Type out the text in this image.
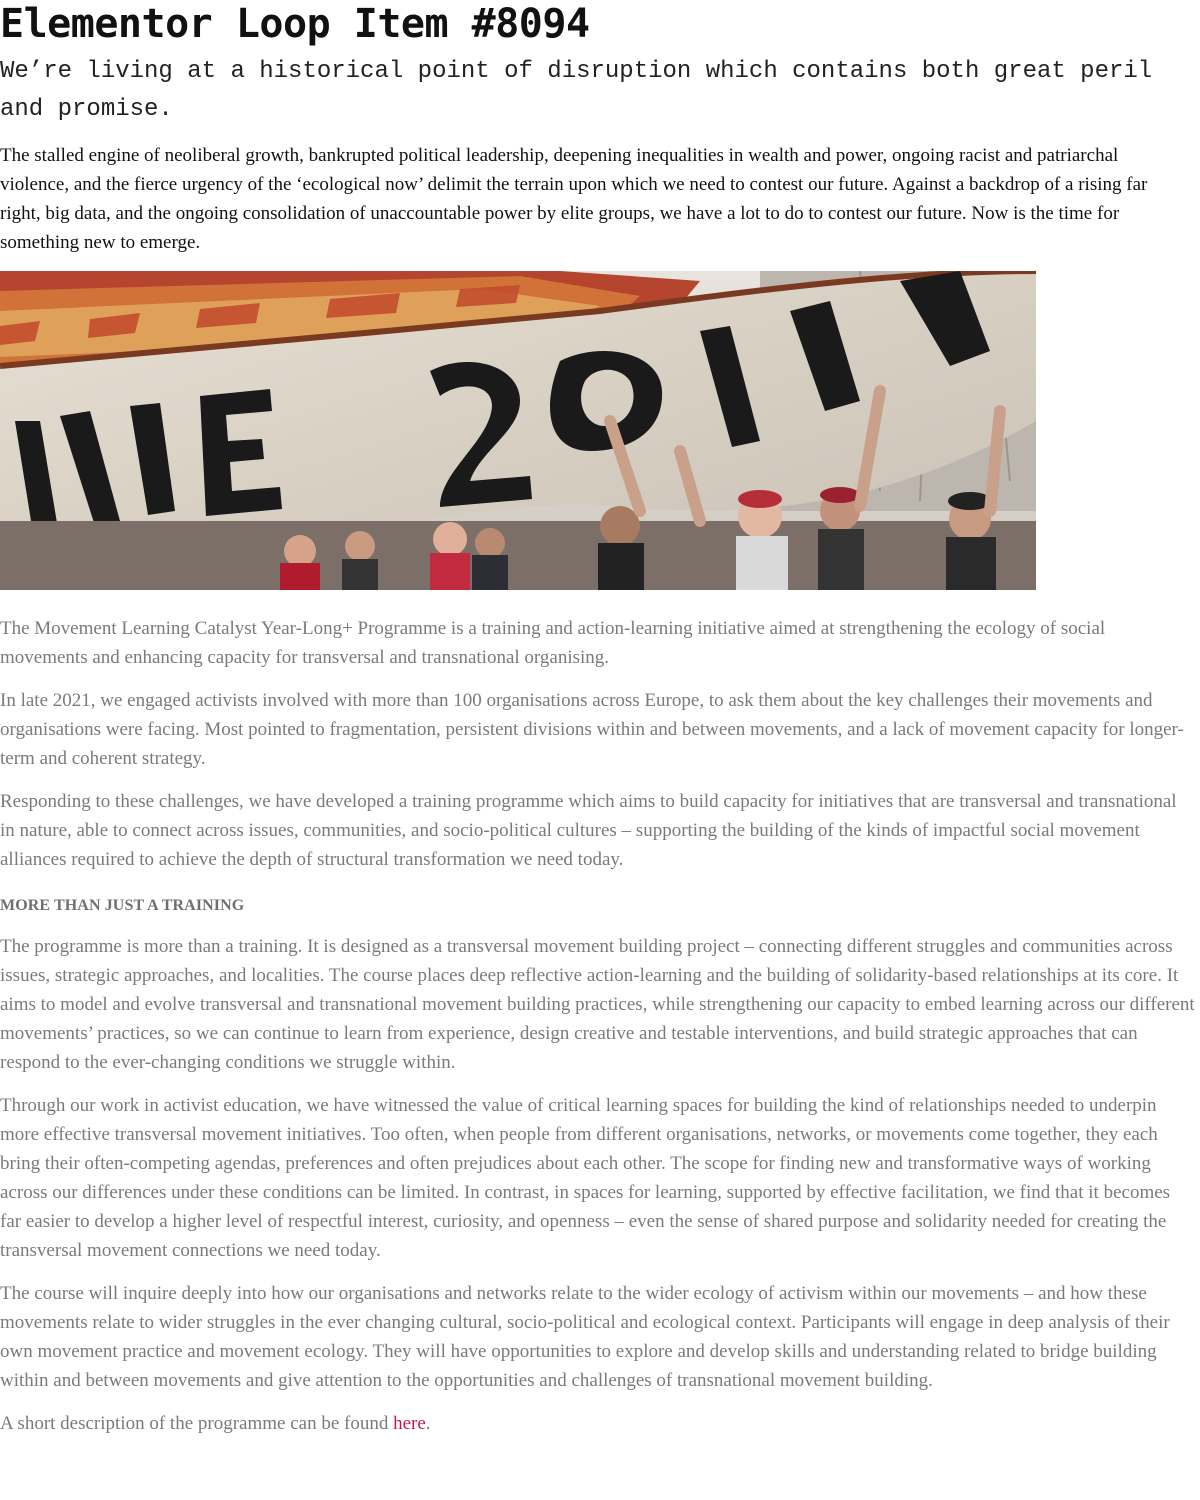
Elementor Loop Item #8094

We’re living at a historical point of disruption which contains both great peril and promise.

The stalled engine of neoliberal growth, bankrupted political leadership, deepening inequalities in wealth and power, ongoing racist and patriarchal violence, and the fierce urgency of the ‘ecological now’ delimit the terrain upon which we need to contest our future. Against a backdrop of a rising far right, big data, and the ongoing consolidation of unaccountable power by elite groups, we have a lot to do to contest our future. Now is the time for something new to emerge.

The Movement Learning Catalyst Year-Long+ Programme is a training and action-learning initiative aimed at strengthening the ecology of social movements and enhancing capacity for transversal and transnational organising.

In late 2021, we engaged activists involved with more than 100 organisations across Europe, to ask them about the key challenges their movements and organisations were facing. Most pointed to fragmentation, persistent divisions within and between movements, and a lack of movement capacity for longer-term and coherent strategy.

Responding to these challenges, we have developed a training programme which aims to build capacity for initiatives that are transversal and transnational in nature, able to connect across issues, communities, and socio-political cultures – supporting the building of the kinds of impactful social movement alliances required to achieve the depth of structural transformation we need today.

MORE THAN JUST A TRAINING

The programme is more than a training. It is designed as a transversal movement building project – connecting different struggles and communities across issues, strategic approaches, and localities. The course places deep reflective action-learning and the building of solidarity-based relationships at its core. It aims to model and evolve transversal and transnational movement building practices, while strengthening our capacity to embed learning across our different movements’ practices, so we can continue to learn from experience, design creative and testable interventions, and build strategic approaches that can respond to the ever-changing conditions we struggle within.

Through our work in activist education, we have witnessed the value of critical learning spaces for building the kind of relationships needed to underpin more effective transversal movement initiatives. Too often, when people from different organisations, networks, or movements come together, they each bring their often-competing agendas, preferences and often prejudices about each other. The scope for finding new and transformative ways of working across our differences under these conditions can be limited. In contrast, in spaces for learning, supported by effective facilitation, we find that it becomes far easier to develop a higher level of respectful interest, curiosity, and openness – even the sense of shared purpose and solidarity needed for creating the transversal movement connections we need today.

The course will inquire deeply into how our organisations and networks relate to the wider ecology of activism within our movements – and how these movements relate to wider struggles in the ever changing cultural, socio-political and ecological context. Participants will engage in deep analysis of their own movement practice and movement ecology. They will have opportunities to explore and develop skills and understanding related to bridge building within and between movements and give attention to the opportunities and challenges of transnational movement building.

A short description of the programme can be found here.
